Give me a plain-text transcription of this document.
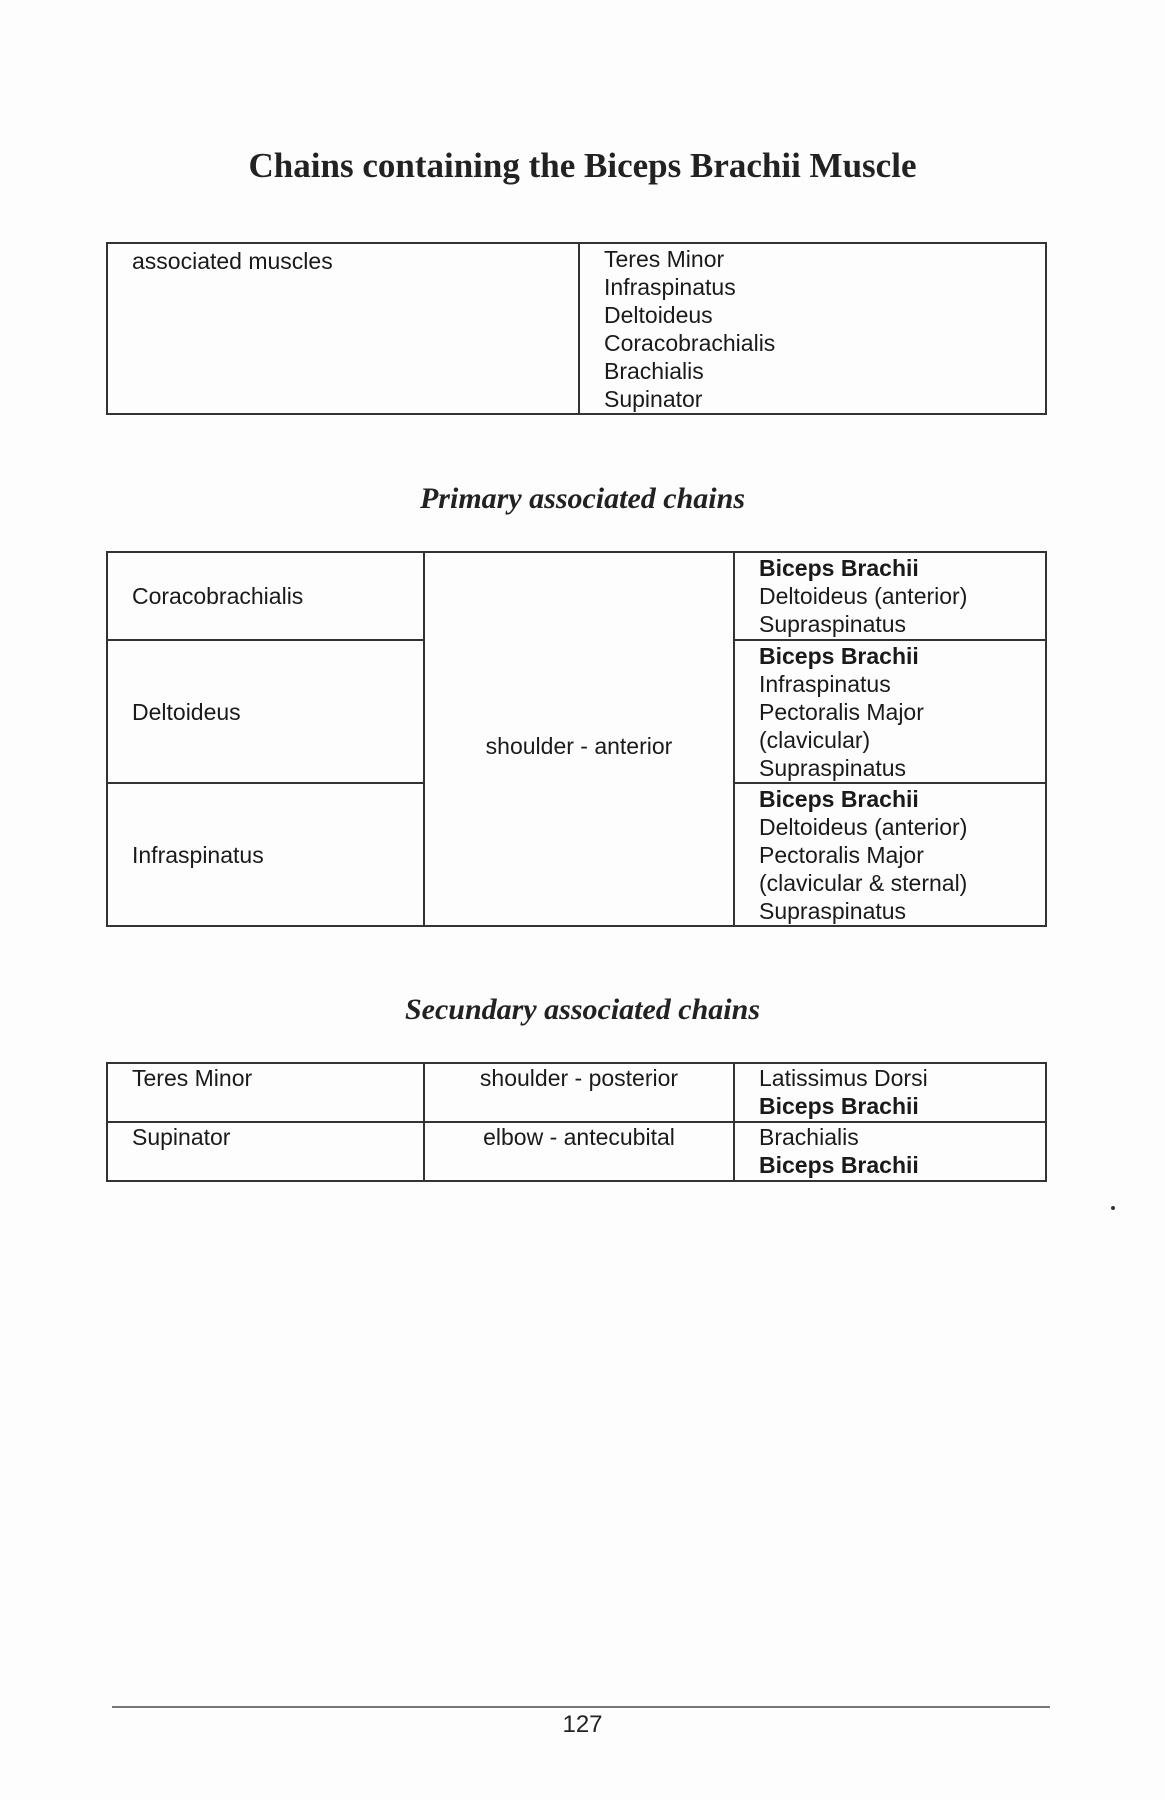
Chains containing the Biceps Brachii Muscle
associated muscles	Teres Minor
Infraspinatus
Deltoideus
Coracobrachialis
Brachialis
Supinator
Primary associated chains
Coracobrachialis	shoulder - anterior	Biceps Brachii
Deltoideus (anterior)
Supraspinatus

Deltoideus		Biceps Brachii
Infraspinatus
Pectoralis Major
(clavicular)
Supraspinatus

Infraspinatus		Biceps Brachii
Deltoideus (anterior)
Pectoralis Major
(clavicular & sternal)
Supraspinatus
Secundary associated chains
Teres Minor	shoulder - posterior	Latissimus Dorsi
Biceps Brachii

Supinator	elbow - antecubital	Brachialis
Biceps Brachii
127
